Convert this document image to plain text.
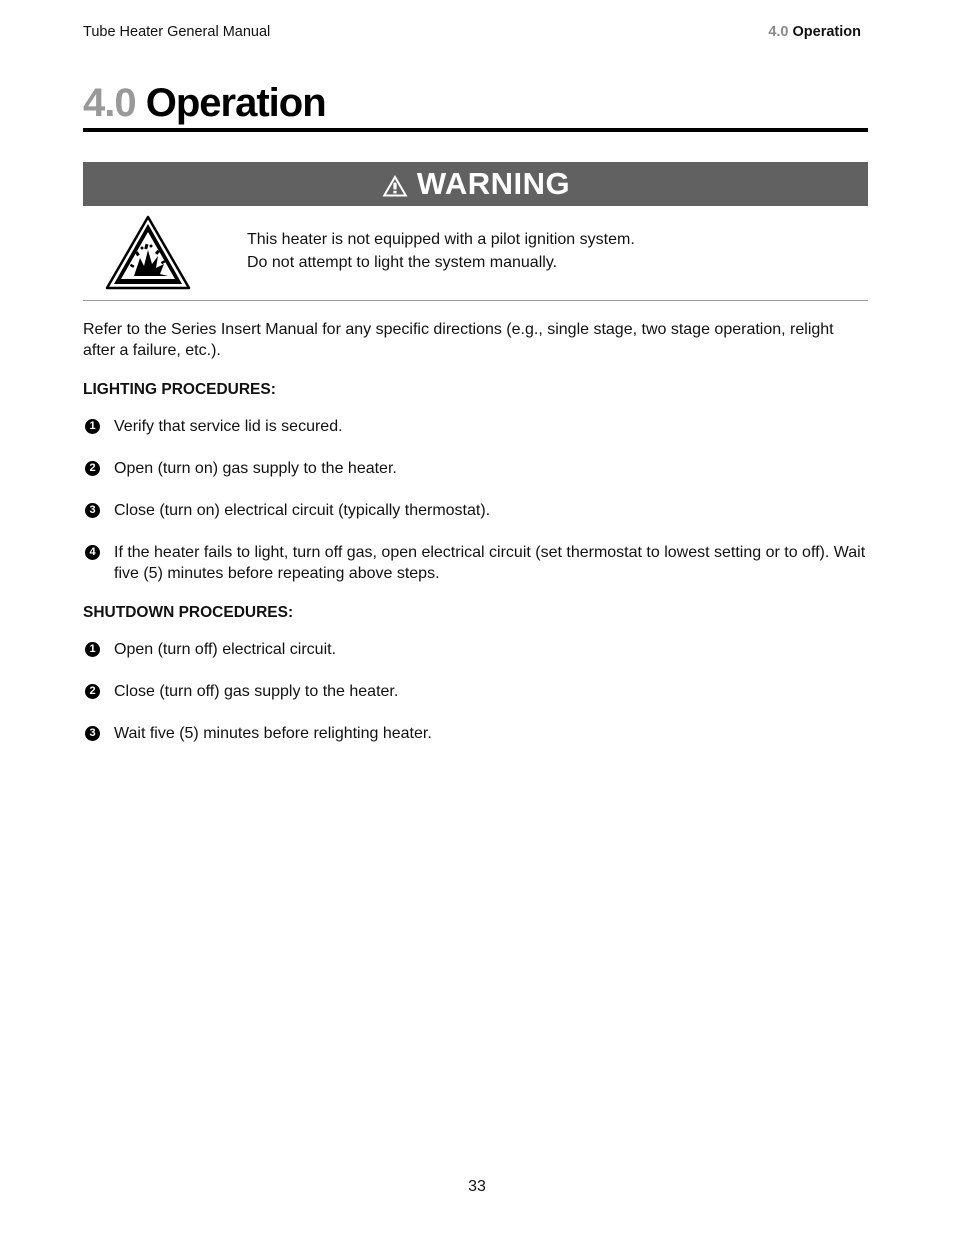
Tube Heater General Manual	4.0 Operation
4.0 Operation
WARNING
This heater is not equipped with a pilot ignition system.
Do not attempt to light the system manually.

Refer to the Series Insert Manual for any specific directions (e.g., single stage, two stage operation, relight after a failure, etc.).

LIGHTING PROCEDURES:
1 Verify that service lid is secured.
2 Open (turn on) gas supply to the heater.
3 Close (turn on) electrical circuit (typically thermostat).
4 If the heater fails to light, turn off gas, open electrical circuit (set thermostat to lowest setting or to off). Wait five (5) minutes before repeating above steps.
SHUTDOWN PROCEDURES:
1 Open (turn off) electrical circuit.
2 Close (turn off) gas supply to the heater.
3 Wait five (5) minutes before relighting heater.
33
